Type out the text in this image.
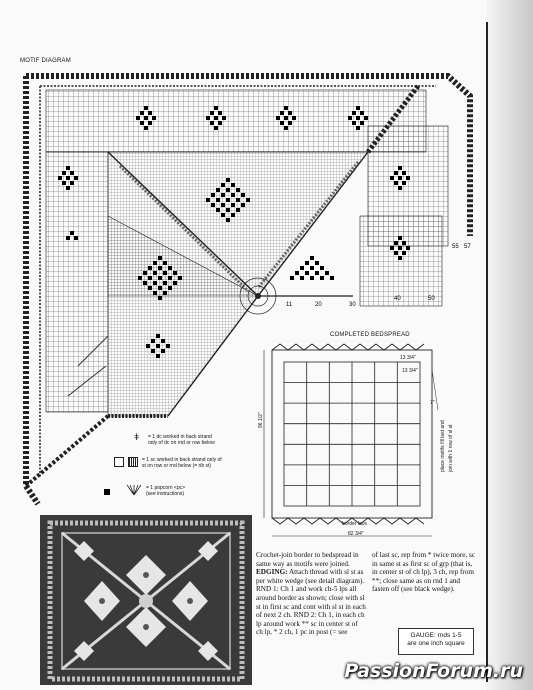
MOTIF DIAGRAM
55 57
11	20	30
40	50
ǂ = 1 dc worked in back strand
only of dc on rnd or row below
= 1 sc worked in back strand only of
st on row or rnd below (= rib st)
= 1 popcorn <pc>
(see instructions)
COMPLETED BEDSPREAD
96 1/2"
82 3/4"
13 3/4"
13 3/4"
7"
border lace
place motifs fill last and join with 1 row of sl st
Crochet-join border to bedspread in same way as motifs were joined. EDGING: Attach thread with sl st as per white wedge (see detail diagram). RND 1: Ch 1 and work ch-5 lps all around border as shown; close with sl st in first sc and cont with sl st in each of next 2 ch. RND 2: Ch 1, in each ch lp around work ** sc in center st of ch lp, * 2 ch, 1 pc in post (= see
of last sc, rep from * twice more, sc in same st as first sc of grp (that is, in center st of ch lp), 3 ch, rep from **; close same as on rnd 1 and fasten off (see black wedge).
GAUGE: rnds 1-5
are one inch square
PassionForum.ru
